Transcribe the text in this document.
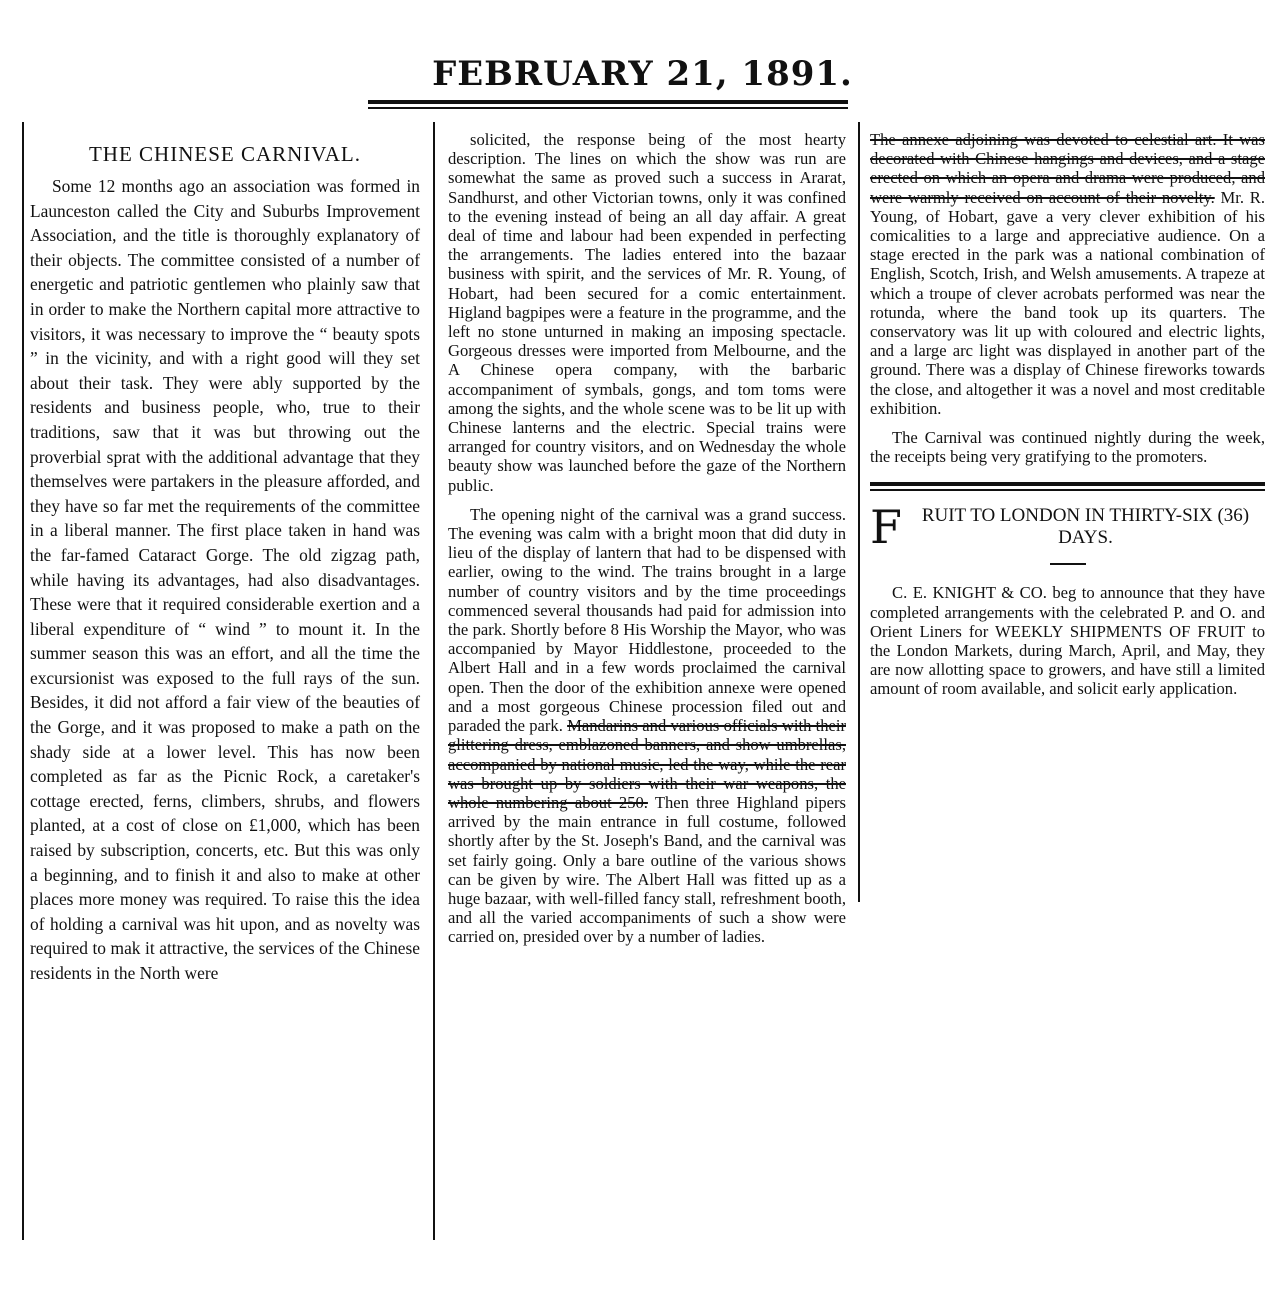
FEBRUARY 21, 1891.

THE CHINESE CARNIVAL.

Some 12 months ago an association was formed in Launceston called the City and Suburbs Improvement Association, and the title is thoroughly explanatory of their objects. The committee consisted of a number of energetic and patriotic gentlemen who plainly saw that in order to make the Northern capital more attractive to visitors, it was necessary to improve the “ beauty spots ” in the vicinity, and with a right good will they set about their task. They were ably supported by the residents and business people, who, true to their traditions, saw that it was but throwing out the proverbial sprat with the additional advantage that they themselves were partakers in the pleasure afforded, and they have so far met the requirements of the committee in a liberal manner. The first place taken in hand was the far-famed Cataract Gorge. The old zigzag path, while having its advantages, had also disadvantages. These were that it required considerable exertion and a liberal expenditure of “ wind ” to mount it. In the summer season this was an effort, and all the time the excursionist was exposed to the full rays of the sun. Besides, it did not afford a fair view of the beauties of the Gorge, and it was proposed to make a path on the shady side at a lower level. This has now been completed as far as the Picnic Rock, a caretaker's cottage erected, ferns, climbers, shrubs, and flowers planted, at a cost of close on £1,000, which has been raised by subscription, concerts, etc. But this was only a beginning, and to finish it and also to make at other places more money was required. To raise this the idea of holding a carnival was hit upon, and as novelty was required to mak it attractive, the services of the Chinese residents in the North were

solicited, the response being of the most hearty description. The lines on which the show was run are somewhat the same as proved such a success in Ararat, Sandhurst, and other Victorian towns, only it was confined to the evening instead of being an all day affair. A great deal of time and labour had been expended in perfecting the arrangements. The ladies entered into the bazaar business with spirit, and the services of Mr. R. Young, of Hobart, had been secured for a comic entertainment. Higland bagpipes were a feature in the programme, and the left no stone unturned in making an imposing spectacle. Gorgeous dresses were imported from Melbourne, and the A Chinese opera company, with the barbaric accompaniment of symbals, gongs, and tom toms were among the sights, and the whole scene was to be lit up with Chinese lanterns and the electric. Special trains were arranged for country visitors, and on Wednesday the whole beauty show was launched before the gaze of the Northern public.

The opening night of the carnival was a grand success. The evening was calm with a bright moon that did duty in lieu of the display of lantern that had to be dispensed with earlier, owing to the wind. The trains brought in a large number of country visitors and by the time proceedings commenced several thousands had paid for admission into the park. Shortly before 8 His Worship the Mayor, who was accompanied by Mayor Hiddlestone, proceeded to the Albert Hall and in a few words proclaimed the carnival open. Then the door of the exhibition annexe were opened and a most gorgeous Chinese procession filed out and paraded the park. Mandarins and various officials with their glittering dress, emblazoned banners, and show umbrellas, accompanied by national music, led the way, while the rear was brought up by soldiers with their war weapons, the whole numbering about 250. Then three Highland pipers arrived by the main entrance in full costume, followed shortly after by the St. Joseph's Band, and the carnival was set fairly going. Only a bare outline of the various shows can be given by wire. The Albert Hall was fitted up as a huge bazaar, with well-filled fancy stall, refreshment booth, and all the varied accompaniments of such a show were carried on, presided over by a number of ladies.

The annexe adjoining was devoted to celestial art. It was decorated with Chinese hangings and devices, and a stage erected on which an opera and drama were produced, and were warmly received on account of their novelty. Mr. R. Young, of Hobart, gave a very clever exhibition of his comicalities to a large and appreciative audience. On a stage erected in the park was a national combination of English, Scotch, Irish, and Welsh amusements. A trapeze at which a troupe of clever acrobats performed was near the rotunda, where the band took up its quarters. The conservatory was lit up with coloured and electric lights, and a large arc light was displayed in another part of the ground. There was a display of Chinese fireworks towards the close, and altogether it was a novel and most creditable exhibition.

The Carnival was continued nightly during the week, the receipts being very gratifying to the promoters.

F RUIT TO LONDON IN THIRTY-SIX (36) DAYS.

C. E. KNIGHT & CO. beg to announce that they have completed arrangements with the celebrated P. and O. and Orient Liners for WEEKLY SHIPMENTS OF FRUIT to the London Markets, during March, April, and May, they are now allotting space to growers, and have still a limited amount of room available, and solicit early application.
